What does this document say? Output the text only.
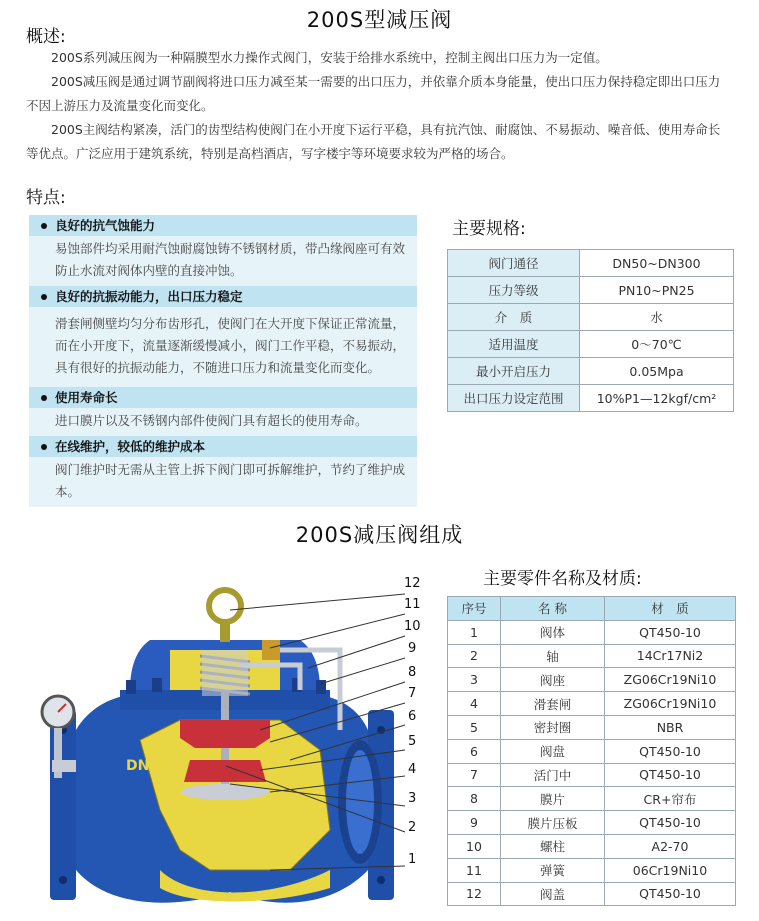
200S型减压阀
概述:
200S系列减压阀为一种隔膜型水力操作式阀门，安装于给排水系统中，控制主阀出口压力为一定值。
200S减压阀是通过调节副阀将进口压力减至某一需要的出口压力，并依靠介质本身能量，使出口压力保持稳定即出口压力不因上游压力及流量变化而变化。
200S主阀结构紧凑，活门的齿型结构使阀门在小开度下运行平稳，具有抗汽蚀、耐腐蚀、不易振动、噪音低、使用寿命长等优点。广泛应用于建筑系统，特别是高档酒店，写字楼宇等环境要求较为严格的场合。
特点:
良好的抗气蚀能力
易蚀部件均采用耐汽蚀耐腐蚀铸不锈钢材质，带凸缘阀座可有效防止水流对阀体内壁的直接冲蚀。
良好的抗振动能力，出口压力稳定
滑套闸侧壁均匀分布齿形孔，使阀门在大开度下保证正常流量，而在小开度下，流量逐渐缓慢减小，阀门工作平稳，不易振动，具有很好的抗振动能力，不随进口压力和流量变化而变化。
使用寿命长
进口膜片以及不锈钢内部件使阀门具有超长的使用寿命。
在线维护，较低的维护成本
阀门维护时无需从主管上拆下阀门即可拆解维护，节约了维护成本。
主要规格:
阀门通径	DN50~DN300
压力等级	PN10~PN25
介　质	水
适用温度	0～70℃
最小开启压力	0.05Mpa
出口压力设定范围	10%P1—12kgf/cm²
200S减压阀组成
DN
12
11
10
9
8
7
6
5
4
3
2
1
主要零件名称及材质:
序号	名 称	材　质
1	阀体	QT450-10
2	轴	14Cr17Ni2
3	阀座	ZG06Cr19Ni10
4	滑套闸	ZG06Cr19Ni10
5	密封圈	NBR
6	阀盘	QT450-10
7	活门中	QT450-10
8	膜片	CR+帘布
9	膜片压板	QT450-10
10	螺柱	A2-70
11	弹簧	06Cr19Ni10
12	阀盖	QT450-10
